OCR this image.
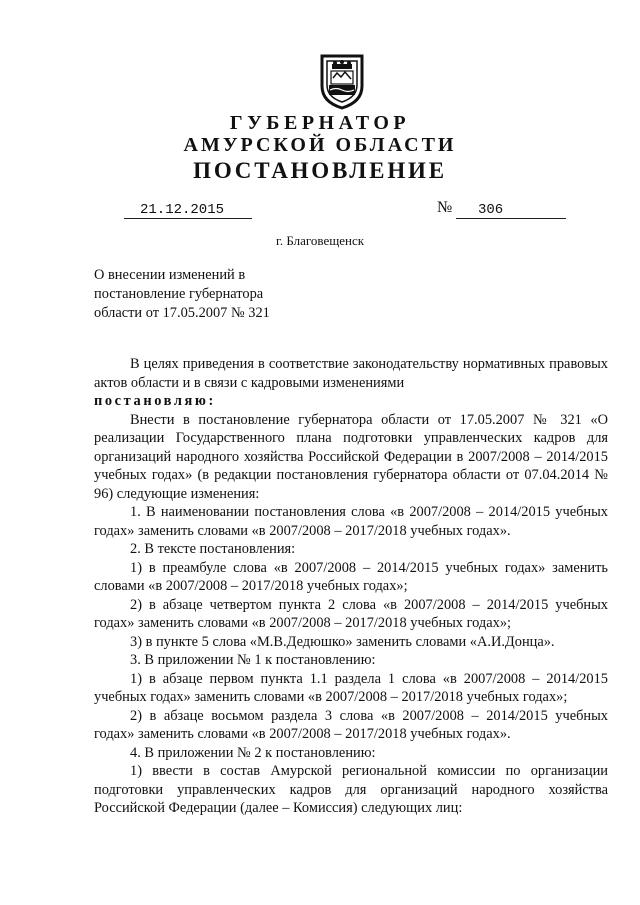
ГУБЕРНАТОР
АМУРСКОЙ ОБЛАСТИ
ПОСТАНОВЛЕНИЕ
21.12.2015	№	306
г. Благовещенск
О внесении изменений в постановление губернатора области от 17.05.2007 № 321

В целях приведения в соответствие законодательству нормативных правовых актов области и в связи с кадровыми изменениями

постановляю:

Внести в постановление губернатора области от 17.05.2007 № 321 «О реализации Государственного плана подготовки управленческих кадров для организаций народного хозяйства Российской Федерации в 2007/2008 – 2014/2015 учебных годах» (в редакции постановления губернатора области от 07.04.2014 № 96) следующие изменения:

1. В наименовании постановления слова «в 2007/2008 – 2014/2015 учебных годах» заменить словами «в 2007/2008 – 2017/2018 учебных годах».

2. В тексте постановления:

1) в преамбуле слова «в 2007/2008 – 2014/2015 учебных годах» заменить словами «в 2007/2008 – 2017/2018 учебных годах»;

2) в абзаце четвертом пункта 2 слова «в 2007/2008 – 2014/2015 учебных годах» заменить словами «в 2007/2008 – 2017/2018 учебных годах»;

3) в пункте 5 слова «М.В.Дедюшко» заменить словами «А.И.Донца».

3. В приложении № 1 к постановлению:

1) в абзаце первом пункта 1.1 раздела 1 слова «в 2007/2008 – 2014/2015 учебных годах» заменить словами «в 2007/2008 – 2017/2018 учебных годах»;

2) в абзаце восьмом раздела 3 слова «в 2007/2008 – 2014/2015 учебных годах» заменить словами «в 2007/2008 – 2017/2018 учебных годах».

4. В приложении № 2 к постановлению:

1) ввести в состав Амурской региональной комиссии по организации подготовки управленческих кадров для организаций народного хозяйства Российской Федерации (далее – Комиссия) следующих лиц:
